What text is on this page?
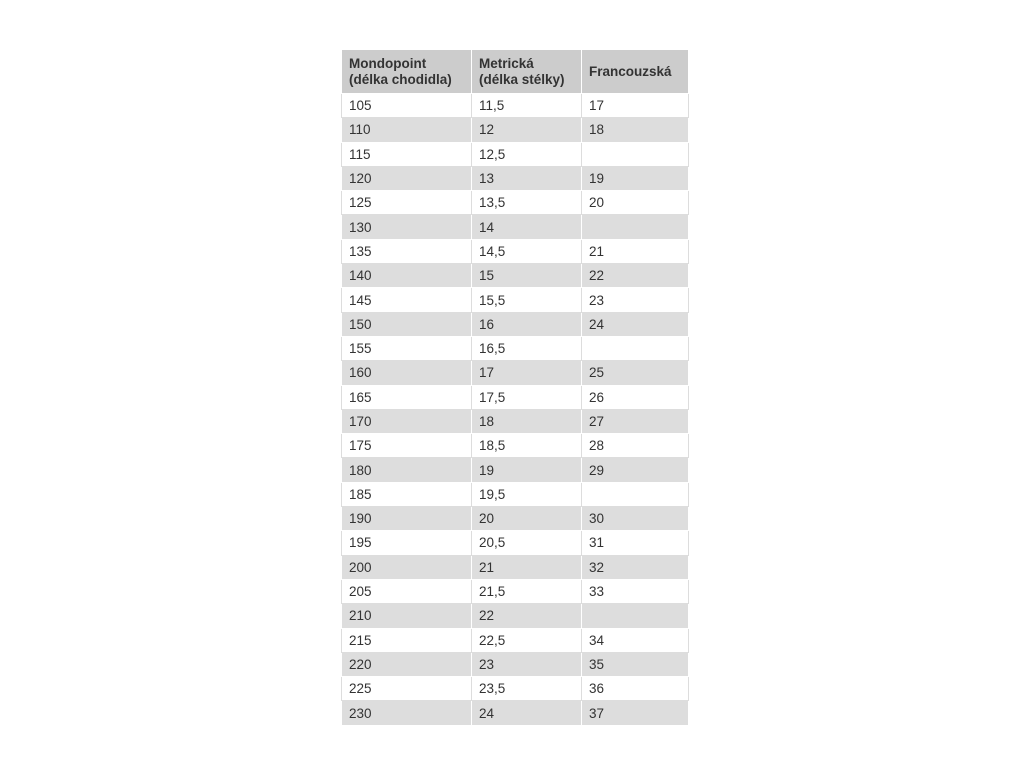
Mondopoint
(délka chodidla)	Metrická
(délka stélky)	Francouzská

105	11,5	17
110	12	18
115	12,5	
120	13	19
125	13,5	20
130	14	
135	14,5	21
140	15	22
145	15,5	23
150	16	24
155	16,5	
160	17	25
165	17,5	26
170	18	27
175	18,5	28
180	19	29
185	19,5	
190	20	30
195	20,5	31
200	21	32
205	21,5	33
210	22	
215	22,5	34
220	23	35
225	23,5	36
230	24	37
